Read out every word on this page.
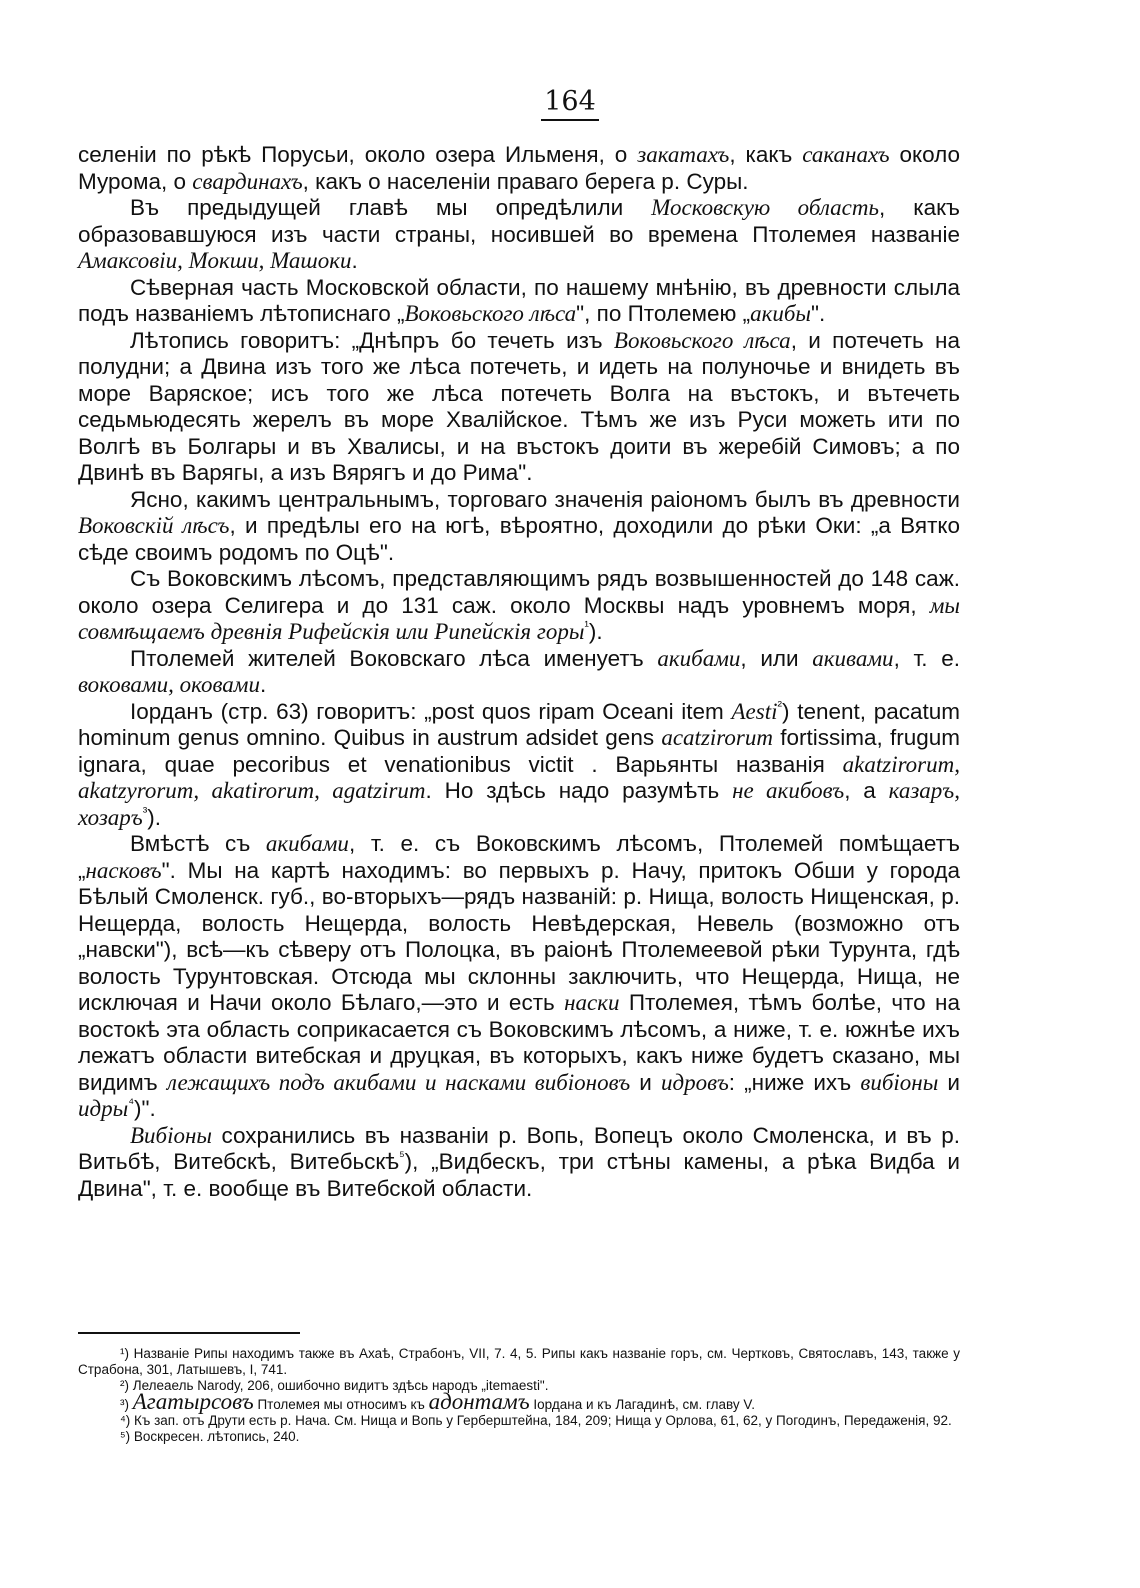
164

селенiи по рѣкѣ Порусьи, около озера Ильменя, о закатахъ, какъ саканахъ около Мурома, о свардинахъ, какъ о населенiи праваго берега р. Суры.

Въ предыдущей главѣ мы опредѣлили Московскую область, какъ образовавшуюся изъ части страны, носившей во времена Птолемея названiе Амаксовiи, Мокши, Машоки.

Сѣверная часть Московской области, по нашему мнѣнiю, въ древности слыла подъ названiемъ лѣтописнаго „Воковьского лѣса", по Птолемею „акибы".

Лѣтопись говоритъ: „Днѣпръ бо течеть изъ Воковьского лѣса, и потечеть на полудни; а Двина изъ того же лѣса потечеть, и идеть на полуночье и внидеть въ море Варяское; исъ того же лѣса потечеть Волга на въстокъ, и вътечеть седьмьюдесять жерелъ въ море Хвалiйское. Тѣмъ же изъ Руси можеть ити по Волгѣ въ Болгары и въ Хвалисы, и на въстокъ доити въ жеребiй Симовъ; а по Двинѣ въ Варягы, а изъ Вярягъ и до Рима".

Ясно, какимъ центральнымъ, торговаго значенiя раiономъ былъ въ древности Воковскiй лѣсъ, и предѣлы его на югѣ, вѣроятно, доходили до рѣки Оки: „а Вятко сѣде своимъ родомъ по Оцѣ".

Съ Воковскимъ лѣсомъ, представляющимъ рядъ возвышенностей до 148 саж. около озера Селигера и до 131 саж. около Москвы надъ уровнемъ моря, мы совмѣщаемъ древнiя Рифейскiя или Рипейскiя горы$^{^1}$).

Птолемей жителей Воковскаго лѣса именуетъ акибами, или акивами, т. е. воковами, оковами.

Iорданъ (стр. 63) говоритъ: „post quos ripam Oceani item Aesti$^{^2}$) tenent, pacatum hominum genus omnino. Quibus in austrum adsidet gens acatzirorum fortissima, frugum ignara, quae pecoribus et venationibus victit . Варьянты названiя akatzirorum, akatzyrorum, akatirorum, agatzirum. Но здѣсь надо разумѣть не акибовъ, а казаръ, хозаръ$^{^3}$).

Вмѣстѣ съ акибами, т. е. съ Воковскимъ лѣсомъ, Птолемей помѣщаетъ „насковъ". Мы на картѣ находимъ: во первыхъ р. Начу, притокъ Обши у города Бѣлый Смоленск. губ., во-вторыхъ—рядъ названiй: р. Нища, волость Нищенская, р. Нещерда, волость Нещерда, волость Невѣдерская, Невель (возможно отъ „навски"), всѣ—къ сѣверу отъ Полоцка, въ раiонѣ Птолемеевой рѣки Турунта, гдѣ волость Турунтовская. Отсюда мы склонны заключить, что Нещерда, Нища, не исключая и Начи около Бѣлаго,—это и есть наски Птолемея, тѣмъ болѣе, что на востокѣ эта область соприкасается съ Воковскимъ лѣсомъ, а ниже, т. е. южнѣе ихъ лежатъ области витебская и друцкая, въ которыхъ, какъ ниже будетъ сказано, мы видимъ лежащихъ подъ акибами и насками вибiоновъ и идровъ: „ниже ихъ вибiоны и идры$^{^4}$)".

Вибiоны сохранились въ названiи р. Вопь, Вопецъ около Смоленска, и въ р. Витьбѣ, Витебскѣ, Витебьскѣ$^{^5}$), „Видбескъ, три стѣны камены, а рѣка Видба и Двина", т. е. вообще въ Витебской области.

¹) Названiе Рипы находимъ также въ Ахаѣ, Страбонъ, VII, 7. 4, 5. Рипы какъ названiе горъ, см. Чертковъ, Святославъ, 143, также у Страбона, 301, Латышевъ, I, 741.

²) Лелеаель Narody, 206, ошибочно видитъ здѣсь народъ „itemaesti".

³) Агатырсовъ Птолемея мы относимъ къ адонтамъ Iордана и къ Лагадинѣ, см. главу V.

⁴) Къ зап. отъ Друти есть р. Нача. См. Нища и Вопь у Герберштейна, 184, 209; Нища у Орлова, 61, 62, у Погодинъ, Передаженiя, 92.

⁵) Воскресен. лѣтопись, 240.
